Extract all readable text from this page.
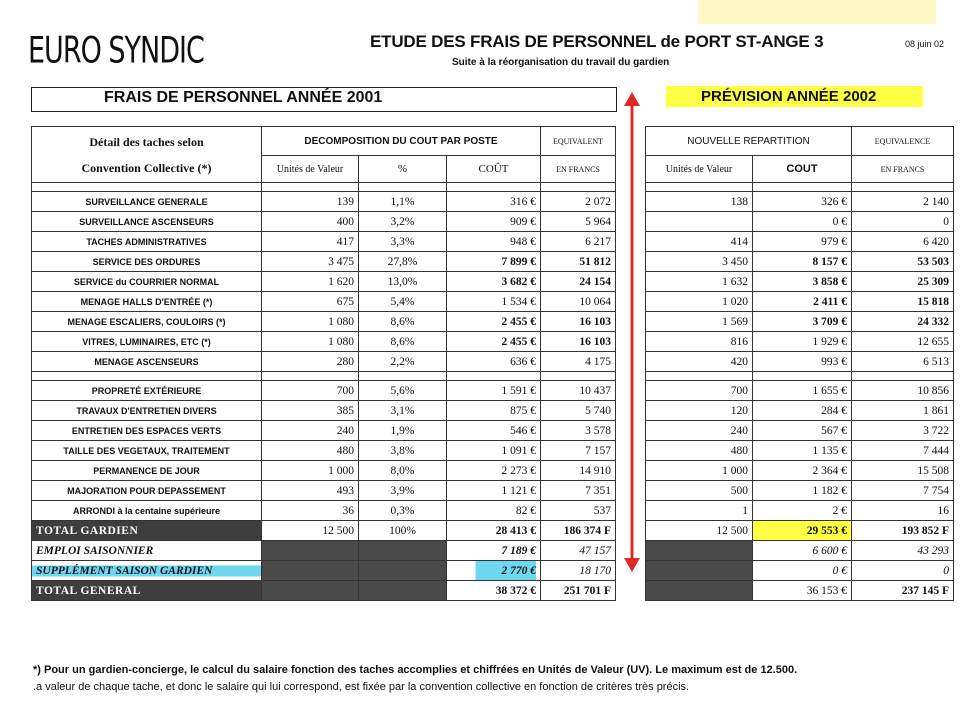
EURO SYNDIC	ETUDE DES FRAIS DE PERSONNEL de PORT ST-ANGE 3	08 juin 02
Suite à la réorganisation du travail du gardien
FRAIS DE PERSONNEL ANNÉE 2001	PRÉVISION ANNÉE 2002
Détail des taches selon
Convention Collective (*)	DECOMPOSITION DU COUT PAR POSTE			EQUIVALENT
	Unités de Valeur	%	COÛT	EN FRANCS

SURVEILLANCE GENERALE	139	1,1%	316 €	2 072
SURVEILLANCE ASCENSEURS	400	3,2%	909 €	5 964
TACHES ADMINISTRATIVES	417	3,3%	948 €	6 217
SERVICE DES ORDURES	3 475	27,8%	7 899 €	51 812
SERVICE du COURRIER NORMAL	1 620	13,0%	3 682 €	24 154
MENAGE HALLS D'ENTRÉE (*)	675	5,4%	1 534 €	10 064
MENAGE ESCALIERS, COULOIRS (*)	1 080	8,6%	2 455 €	16 103
VITRES, LUMINAIRES, ETC (*)	1 080	8,6%	2 455 €	16 103
MENAGE ASCENSEURS	280	2,2%	636 €	4 175

PROPRETÉ EXTÉRIEURE	700	5,6%	1 591 €	10 437
TRAVAUX D'ENTRETIEN DIVERS	385	3,1%	875 €	5 740
ENTRETIEN DES ESPACES VERTS	240	1,9%	546 €	3 578
TAILLE DES VEGETAUX, TRAITEMENT	480	3,8%	1 091 €	7 157
PERMANENCE DE JOUR	1 000	8,0%	2 273 €	14 910
MAJORATION POUR DEPASSEMENT	493	3,9%	1 121 €	7 351
ARRONDI à la centaine supérieure	36	0,3%	82 €	537
TOTAL GARDIEN	12 500	100%	28 413 €	186 374 F
EMPLOI SAISONNIER			7 189 €	47 157
SUPPLÉMENT SAISON GARDIEN			2 770 €	18 170
TOTAL GENERAL			38 372 €	251 701 F
NOUVELLE REPARTITION		EQUIVALENCE
Unités de Valeur	COUT	EN FRANCS

138	326 €	2 140
	0 €	0
414	979 €	6 420
3 450	8 157 €	53 503
1 632	3 858 €	25 309
1 020	2 411 €	15 818
1 569	3 709 €	24 332
816	1 929 €	12 655
420	993 €	6 513

700	1 655 €	10 856
120	284 €	1 861
240	567 €	3 722
480	1 135 €	7 444
1 000	2 364 €	15 508
500	1 182 €	7 754
1	2 €	16
12 500	29 553 €	193 852 F
	6 600 €	43 293
	0 €	0
	36 153 €	237 145 F
*) Pour un gardien-concierge, le calcul du salaire fonction des taches accomplies et chiffrées en Unités de Valeur (UV). Le maximum est de 12.500.
.a valeur de chaque tache, et donc le salaire qui lui correspond, est fixée par la convention collective en fonction de critères très précis.
